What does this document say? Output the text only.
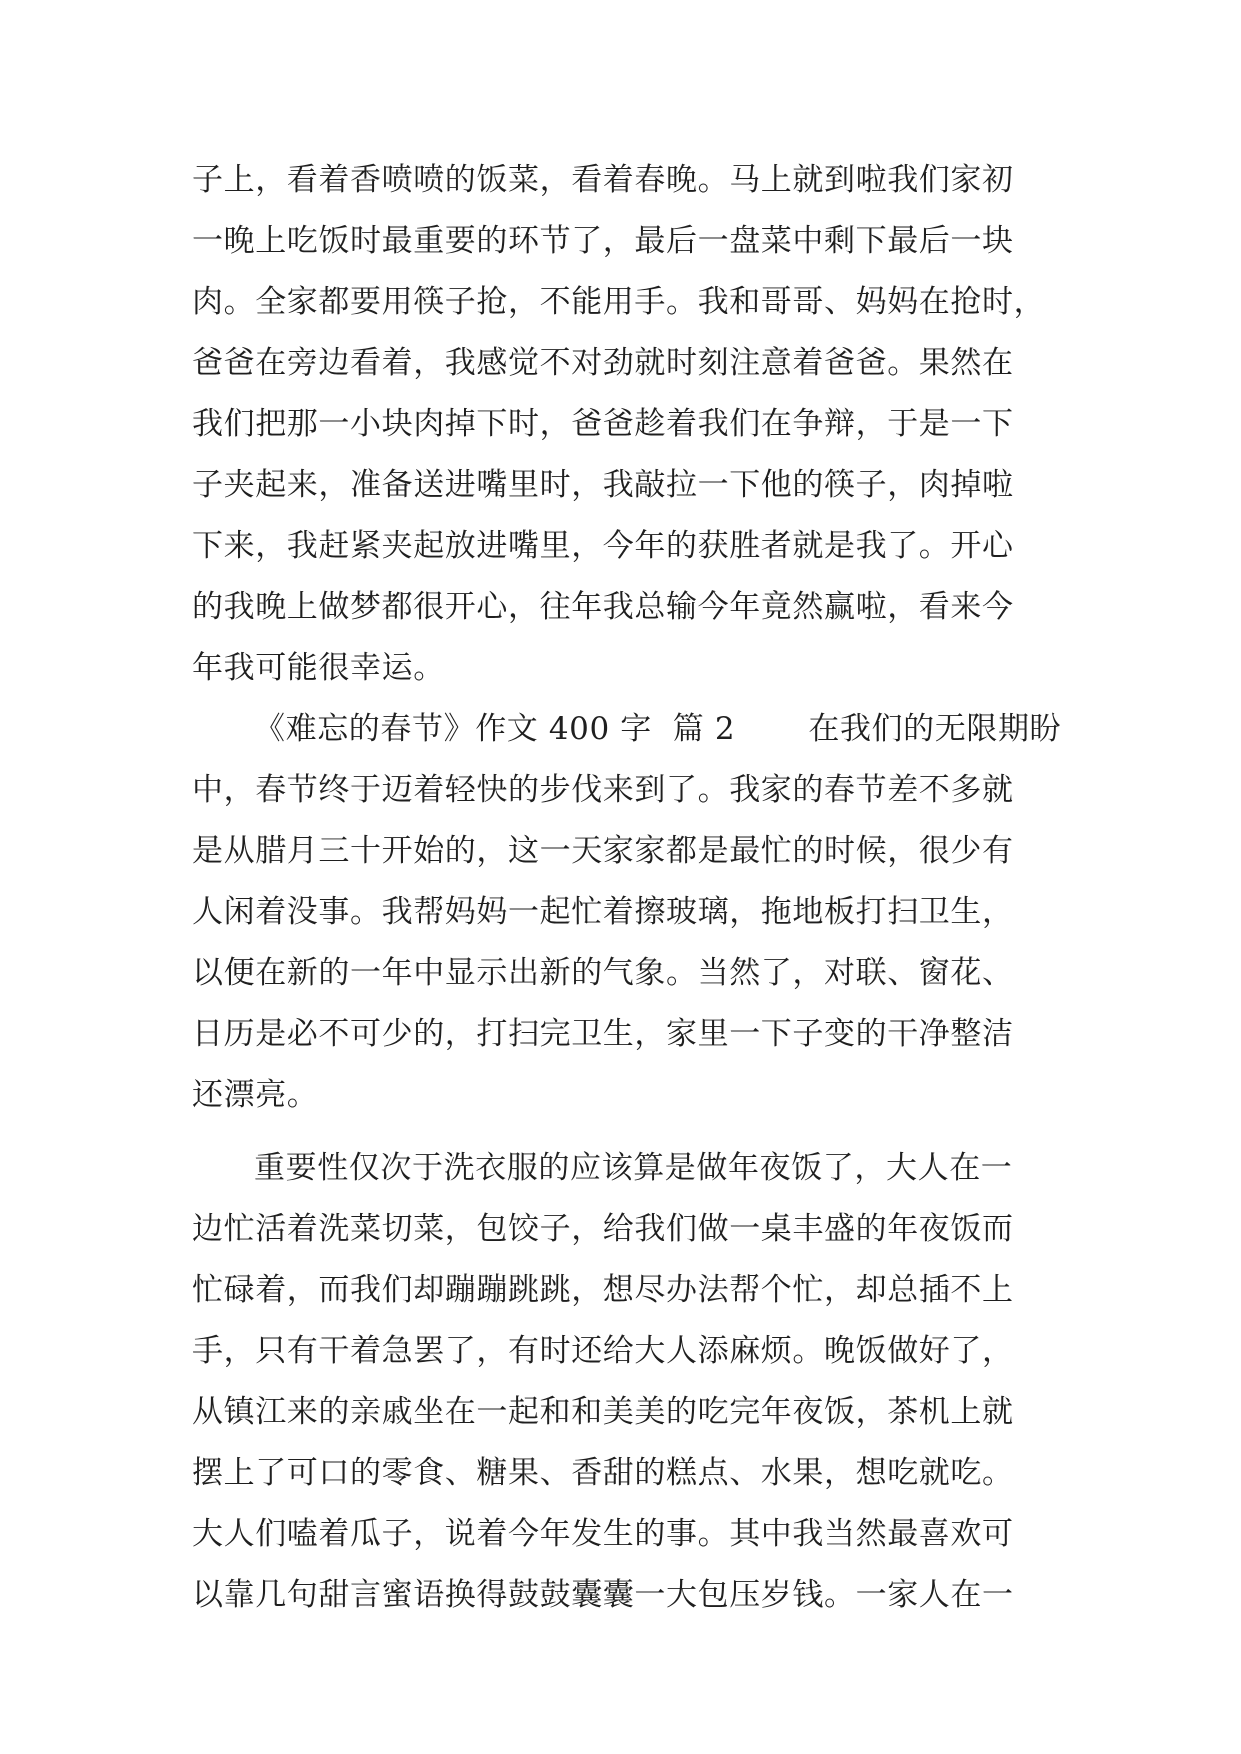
子上，看着香喷喷的饭菜，看着春晚。马上就到啦我们家初
一晚上吃饭时最重要的环节了，最后一盘菜中剩下最后一块
肉。全家都要用筷子抢，不能用手。我和哥哥、妈妈在抢时，
爸爸在旁边看着，我感觉不对劲就时刻注意着爸爸。果然在
我们把那一小块肉掉下时，爸爸趁着我们在争辩，于是一下
子夹起来，准备送进嘴里时，我敲拉一下他的筷子，肉掉啦
下来，我赶紧夹起放进嘴里，今年的获胜者就是我了。开心
的我晚上做梦都很开心，往年我总输今年竟然赢啦，看来今
年我可能很幸运。
《难忘的春节》作文 400 字  篇 2       在我们的无限期盼
中，春节终于迈着轻快的步伐来到了。我家的春节差不多就
是从腊月三十开始的，这一天家家都是最忙的时候，很少有
人闲着没事。我帮妈妈一起忙着擦玻璃，拖地板打扫卫生，
以便在新的一年中显示出新的气象。当然了，对联、窗花、
日历是必不可少的，打扫完卫生，家里一下子变的干净整洁
还漂亮。
重要性仅次于洗衣服的应该算是做年夜饭了，大人在一
边忙活着洗菜切菜，包饺子，给我们做一桌丰盛的年夜饭而
忙碌着，而我们却蹦蹦跳跳，想尽办法帮个忙，却总插不上
手，只有干着急罢了，有时还给大人添麻烦。晚饭做好了，
从镇江来的亲戚坐在一起和和美美的吃完年夜饭，茶机上就
摆上了可口的零食、糖果、香甜的糕点、水果，想吃就吃。
大人们嗑着瓜子，说着今年发生的事。其中我当然最喜欢可
以靠几句甜言蜜语换得鼓鼓囊囊一大包压岁钱。一家人在一
